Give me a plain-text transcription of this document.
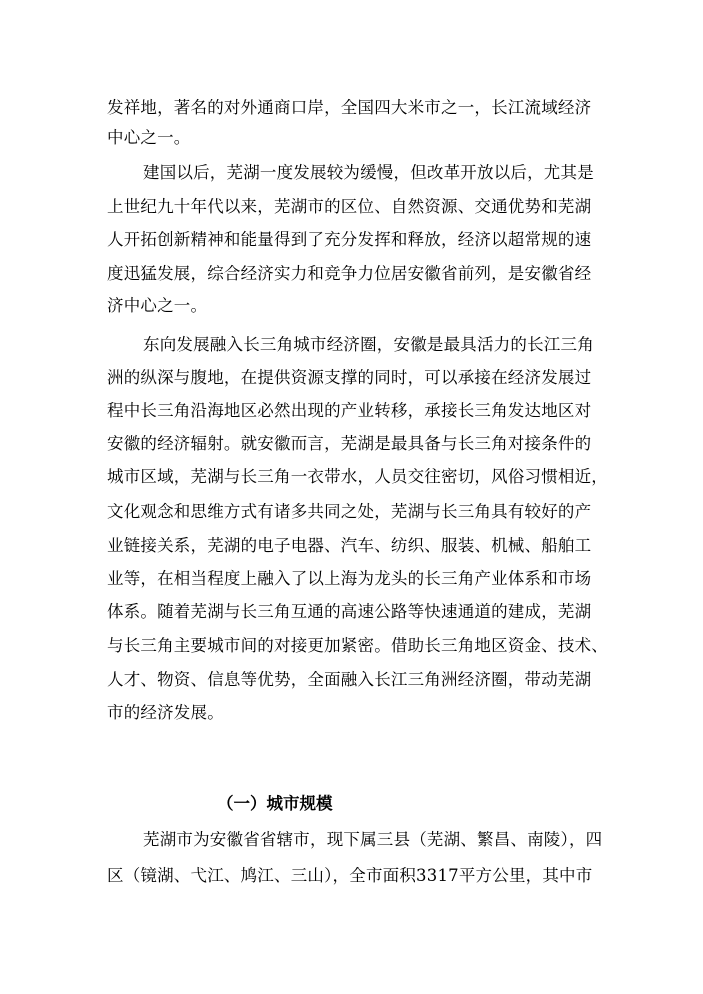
发祥地，著名的对外通商口岸，全国四大米市之一，长江流域经济
中心之一。
建国以后，芜湖一度发展较为缓慢，但改革开放以后，尤其是
上世纪九十年代以来，芜湖市的区位、自然资源、交通优势和芜湖
人开拓创新精神和能量得到了充分发挥和释放，经济以超常规的速
度迅猛发展，综合经济实力和竞争力位居安徽省前列，是安徽省经
济中心之一。
东向发展融入长三角城市经济圈，安徽是最具活力的长江三角
洲的纵深与腹地，在提供资源支撑的同时，可以承接在经济发展过
程中长三角沿海地区必然出现的产业转移，承接长三角发达地区对
安徽的经济辐射。就安徽而言，芜湖是最具备与长三角对接条件的
城市区域，芜湖与长三角一衣带水，人员交往密切，风俗习惯相近，
文化观念和思维方式有诸多共同之处，芜湖与长三角具有较好的产
业链接关系，芜湖的电子电器、汽车、纺织、服装、机械、船舶工
业等，在相当程度上融入了以上海为龙头的长三角产业体系和市场
体系。随着芜湖与长三角互通的高速公路等快速通道的建成，芜湖
与长三角主要城市间的对接更加紧密。借助长三角地区资金、技术、
人才、物资、信息等优势，全面融入长江三角洲经济圈，带动芜湖
市的经济发展。
（一）城市规模
芜湖市为安徽省省辖市，现下属三县（芜湖、繁昌、南陵），四
区（镜湖、弋江、鸠江、三山），全市面积3317平方公里，其中市
